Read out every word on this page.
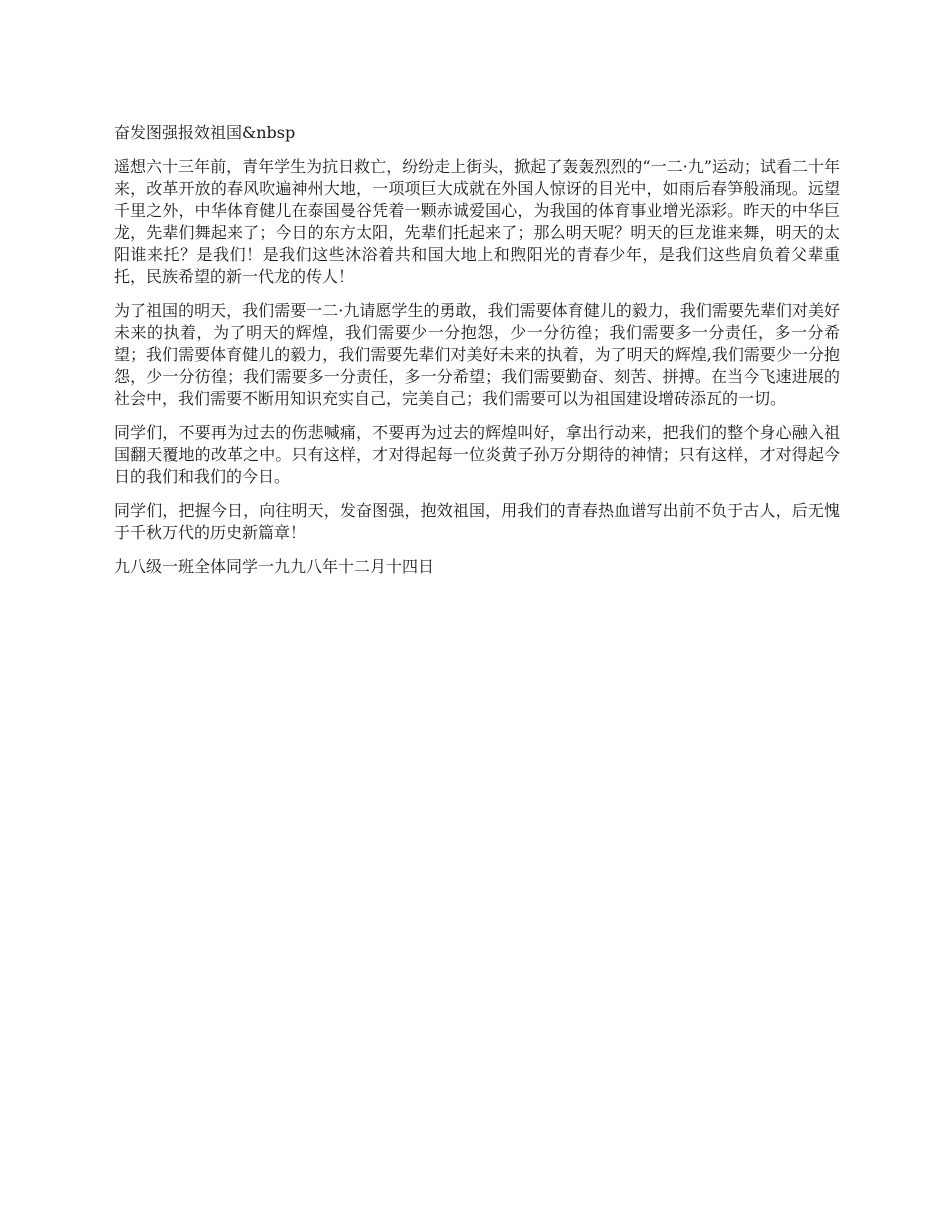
奋发图强报效祖国&nbsp

遥想六十三年前，青年学生为抗日救亡，纷纷走上街头，掀起了轰轰烈烈的“一二·九”运动；试看二十年来，改革开放的春风吹遍神州大地，一项项巨大成就在外国人惊讶的目光中，如雨后春笋般涌现。远望千里之外，中华体育健儿在泰国曼谷凭着一颗赤诚爱国心，为我国的体育事业增光添彩。昨天的中华巨龙，先辈们舞起来了；今日的东方太阳，先辈们托起来了；那么明天呢？明天的巨龙谁来舞，明天的太阳谁来托？是我们！是我们这些沐浴着共和国大地上和煦阳光的青春少年，是我们这些肩负着父辈重托，民族希望的新一代龙的传人！

为了祖国的明天，我们需要一二·九请愿学生的勇敢，我们需要体育健儿的毅力，我们需要先辈们对美好未来的执着，为了明天的辉煌，我们需要少一分抱怨，少一分彷徨；我们需要多一分责任，多一分希望；我们需要体育健儿的毅力，我们需要先辈们对美好未来的执着，为了明天的辉煌,我们需要少一分抱怨，少一分彷徨；我们需要多一分责任，多一分希望；我们需要勤奋、刻苦、拼搏。在当今飞速进展的社会中，我们需要不断用知识充实自己，完美自己；我们需要可以为祖国建设增砖添瓦的一切。

同学们，不要再为过去的伤悲喊痛，不要再为过去的辉煌叫好，拿出行动来，把我们的整个身心融入祖国翻天覆地的改革之中。只有这样，才对得起每一位炎黄子孙万分期待的神情；只有这样，才对得起今日的我们和我们的今日。

同学们，把握今日，向往明天，发奋图强，抱效祖国，用我们的青春热血谱写出前不负于古人，后无愧于千秋万代的历史新篇章！

九八级一班全体同学一九九八年十二月十四日
